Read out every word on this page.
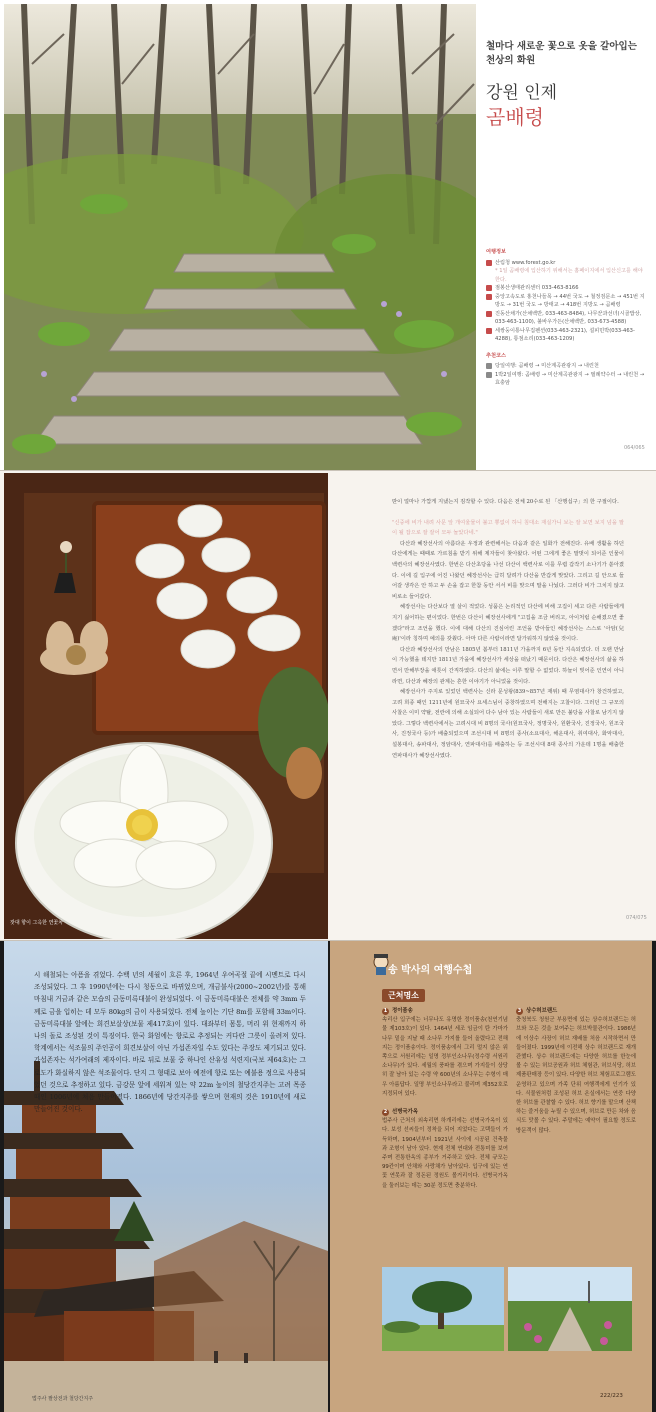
철마다 새로운 꽃으로 옷을 갈아입는
천상의 화원
강원 인제
곰배령
여행정보
산림청 www.forest.go.kr
* 1일 곰배령에 입산하기 위해서는 홈페이지에서 입산신고를 해야 한다.
점봉산생태관리센터 033-463-8166
중앙고속도로 홍천나들목 → 44번 국도 → 철정검문소 → 451번 지방도 → 31번 국도 → 방태교 → 418번 지방도 → 곰배령
진동산채가(산채백반, 033-463-8484), 나무꾼과선녀(시골밥상, 033-463-1100), 불바우가든(산채백반, 033-673-4588)
세쌍둥이통나무집펜션(033-463-2321), 설피민박(033-463-4288), 통점소리(033-463-1209)
추천코스
당일여행: 곰배령 → 미산계곡관광지 → 내린천
1박2일여행: 곰배령 → 미산계곡관광지 → 필례약수터 → 내린천 → 효충암
064/065
잣대 향이 그윽한 연꽃차

딴이 얼마나 가깝게 지냈는지 짐작할 수 있다. 다음은 전체 20수로 된 「산행십구」의 한 구절이다.

"신중에 비가 내려 사문 앞 개여울물이 불고 뽕없이 하니 침대소 재실가니 보는 잘 보면 보지 넘을 팔이 될 잡으로 잘 잘어 모두 놀았다네."

다산과 혜장선사의 아름다운 우정과 관련해서는 다음과 같은 일화가 전해진다. 유배 생활을 하던 다산에게는 때때로 가르침을 받기 위해 제자들이 찾아왔다. 어떤 그에게 좋은 말벗이 되어준 인물이 백련사의 혜장선사였다. 한번은 다산초당을 나선 다산이 백련사로 이를 무렵 갑작기 소나기가 쏟아졌다. 이에 길 입구에 어진 나왔던 혜장선사는 급히 달려가 다산을 반갑게 맞았다. 그리고 길 안으로 들어갈 생각은 안 하고 두 손을 잡고 한참 동안 서서 비를 맞으며 말을 나눴다. 그러다 비가 그치지 않고 비로소 들어갔다.

혜장선사는 다산보다 열 살이 적었다. 성품은 논리적인 다산에 비해 고집이 세고 다른 사람들에게 지기 싫어하는 편이었다. 한번은 다산이 혜장선사에게 "고집을 조금 버리고, 아이처럼 순해졌으면 좋겠다"라고 조언을 했다. 이에 대해 다산의 진심어린 조언을 받아들인 혜장선사는 스스로 '아암(兒庵)'이라 칭하며 예의를 갖췄다. 아마 다른 사람이라면 달가워하지 않았을 것이다.

다산과 혜장선사의 만남은 1805년 봄부터 1811년 가을까지 6년 동안 지속되었다. 더 오랜 만남이 가능했을 테지만 1811년 가을에 혜장선사가 세상을 떠났기 때문이다. 다산은 혜장선사의 삶을 하면서 만해부장을 애틋이 간직하였다. 다산의 삶에는 이루 말할 수 없었다. 하늘이 빚어준 인연이 아니라면, 다산과 혜장의 관계는 흔한 이야기가 아니었을 것이다.

혜장선사가 주지로 있었던 백련사는 신라 문성왕(839~857년 재위) 때 무염대사가 창건하였고, 고려 희종 때인 1211년에 원묘국사 요세스님이 중창하였으며 전해지는 고찰이다. 그러던 그 규모의 사찰은 이미 약탈, 전란에 의해 소실되어 다수 남아 있는 사람들이 새로 만든 불당을 사찰로 남기지 않았다. 그렇다 백련사에서는 고려시대 비 8명의 국사(원묘국사, 정명국사, 원환국사, 진정국사, 원조국사, 진정국사 등)가 배출되었으며 조선시대 비 8명의 종사(소요대사, 해운대사, 취여대사, 화악대사, 설봉대사, 송파대사, 정암대사, 연파대사)를 배출하는 등 조선시대 8대 종사의 가운데 1명을 배출한 연파대사가 혜장선사였다.

074/075
시 해철되는 아픔을 겪었다. 수백 년의 세월이 흐른 후, 1964년 우여곡절 끝에 시멘트로 다시 조성되었다. 그 후 1990년에는 다시 청동으로 바뀌었으며, 개금불사(2000~2002년)를 통해 마침내 거금과 같은 모습의 금동미륵대불이 완성되었다. 이 금동미륵대불은 전체를 약 3mm 두께로 금을 입히는 데 모두 80kg의 금이 사용되었다. 전체 높이는 기단 8m를 포함해 33m이다. 금동미륵대불 앞에는 희견보살상(보물 제417호)이 있다. 대좌부터 몸통, 머리 위 현재까지 하나의 돌로 조성된 것이 특징이다. 한국 화엄에는 향로로 추정되는 커다란 그릇이 올려져 있다. 학계에서는 석조물의 주인공이 희견보살이 아닌 가섭존자일 수도 있다는 주장도 제기되고 있다. 가섭존자는 석가여래의 제자이다. 바로 뒤로 보물 중 하나인 산유성 석련지(국보 제64호)는 그 로도가 화실하지 않은 석조물이다. 단지 그 형태로 보아 예전에 향로 또는 예불용 정으로 사용되었던 것으로 추정하고 있다. 금강문 앞에 세워져 있는 약 22m 높이의 철당간지주는 고려 목종 때인 1006년에 처음 만들어졌다. 1866년에 당간지주를 쌓으며 현재의 것은 1910년에 새로 만들어진 것이다.
법주사 팔상전과 철당간지주
송 박사의 여행수첩
근처명소
1 정이품송
속리산 입구에는 너무나도 유명한 정이품송(천연기념물 제103호)이 있다. 1464년 세조 임금이 탄 가마가 나무 밑을 지날 때 소나무 가지를 들어 올렸다고 전해지는 정이품송이다. 정이품송에서 그리 멀지 않은 위쪽으로 서원리에는 일명 정부인소나무(정수령 서원리소나무)가 있다. 세월의 풍파를 겪으며 가지들이 상당히 잘 남아 있는 수령 약 600년의 소나무는 수형이 매우 아름답다. 일명 부인소나무라고 불리며 제352호로 지정되어 있다.
2 선병국가옥
법주사 근처의 외속리면 하개리에는 선병국가옥이 있다. 보성 선씨들이 정착을 되어 지었다는 고택들이 가득하며, 1904년부터 1921년 사이에 시공된 건축물과 조형이 남아 있다. 현재 전체 연대와 전통미를 보여주며 전통한옥의 종부가 거주하고 있다. 전체 규모는 99칸이며 안채와 사랑채가 남아있다. 입구에 있는 연꽃 연못과 잘 정돈된 정원도 볼거리이다. 선병국가옥을 둘러보는 데는 30분 정도면 충분하다.
3 상수허브랜드
충청북도 청원군 부용면에 있는 상수허브랜드는 허브와 모든 것을 보여주는 허브박물관이다. 1986년에 이상수 사장이 허브 재배를 처음 시작하면서 만들어졌다. 1999년에 이전해 상수 허브랜드로 재개관했다. 상수 허브랜드에는 다양한 허브를 한눈에 볼 수 있는 허브공원과 허브 체험관, 허브식당, 허브 제품판매장 등이 있다. 다양한 허브 체험프로그램도 운영하고 있으며 가족 단위 여행객에게 인기가 있다. 식물원처럼 조성된 허브 온실에서는 연중 다양한 허브를 관찰할 수 있다. 허브 향기를 맡으며 산책하는 즐거움을 누릴 수 있으며, 허브로 만든 차와 음식도 맛볼 수 있다. 주말에는 예약이 필요할 정도로 방문객이 많다.
222/223
